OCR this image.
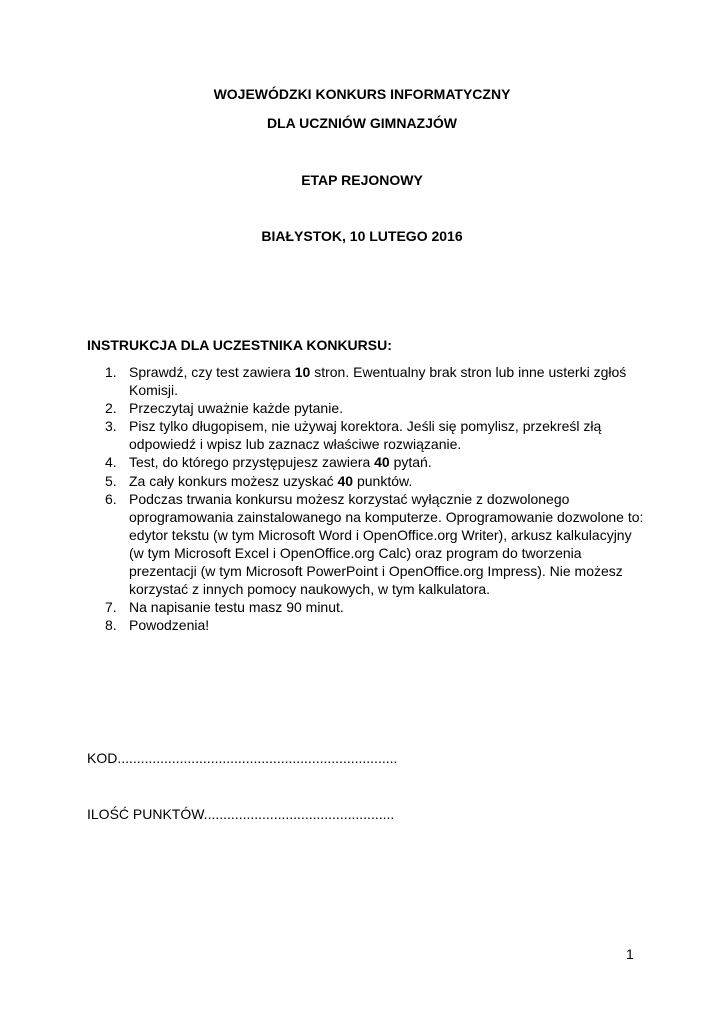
WOJEWÓDZKI KONKURS INFORMATYCZNY
DLA UCZNIÓW GIMNAZJÓW
ETAP REJONOWY
BIAŁYSTOK, 10 LUTEGO 2016
INSTRUKCJA DLA UCZESTNIKA KONKURSU:
1. Sprawdź, czy test zawiera 10 stron. Ewentualny brak stron lub inne usterki zgłoś Komisji.
2. Przeczytaj uważnie każde pytanie.
3. Pisz tylko długopisem, nie używaj korektora. Jeśli się pomylisz, przekreśl złą odpowiedź i wpisz lub zaznacz właściwe rozwiązanie.
4. Test, do którego przystępujesz zawiera 40 pytań.
5. Za cały konkurs możesz uzyskać 40 punktów.
6. Podczas trwania konkursu możesz korzystać wyłącznie z dozwolonego oprogramowania zainstalowanego na komputerze. Oprogramowanie dozwolone to: edytor tekstu (w tym Microsoft Word i OpenOffice.org Writer), arkusz kalkulacyjny (w tym Microsoft Excel i OpenOffice.org Calc) oraz program do tworzenia prezentacji (w tym Microsoft PowerPoint i OpenOffice.org Impress). Nie możesz korzystać z innych pomocy naukowych, w tym kalkulatora.
7. Na napisanie testu masz 90 minut.
8. Powodzenia!
KOD........................................................................
ILOŚĆ PUNKTÓW.................................................
1
